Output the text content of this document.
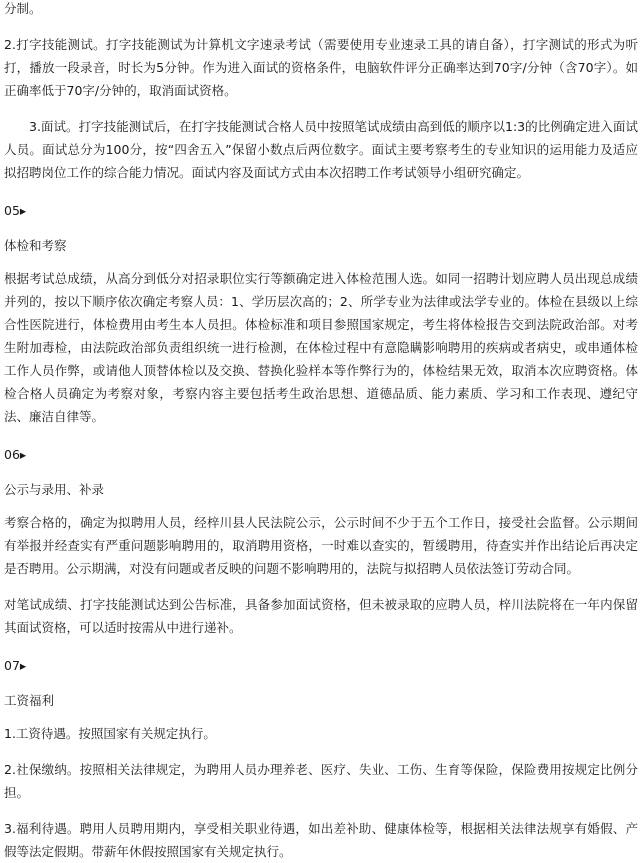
分制。

2.打字技能测试。打字技能测试为计算机文字速录考试（需要使用专业速录工具的请自备），打字测试的形式为听打，播放一段录音，时长为5分钟。作为进入面试的资格条件，电脑软件评分正确率达到70字/分钟（含70字）。如正确率低于70字/分钟的，取消面试资格。

3.面试。打字技能测试后，在打字技能测试合格人员中按照笔试成绩由高到低的顺序以1:3的比例确定进入面试人员。面试总分为100分，按“四舍五入”保留小数点后两位数字。面试主要考察考生的专业知识的运用能力及适应拟招聘岗位工作的综合能力情况。面试内容及面试方式由本次招聘工作考试领导小组研究确定。

05▸

体检和考察

根据考试总成绩，从高分到低分对招录职位实行等额确定进入体检范围人选。如同一招聘计划应聘人员出现总成绩并列的，按以下顺序依次确定考察人员：1、学历层次高的；2、所学专业为法律或法学专业的。体检在县级以上综合性医院进行，体检费用由考生本人员担。体检标准和项目参照国家规定，考生将体检报告交到法院政治部。对考生附加毒检，由法院政治部负责组织统一进行检测，在体检过程中有意隐瞒影响聘用的疾病或者病史，或串通体检工作人员作弊，或请他人顶替体检以及交换、替换化验样本等作弊行为的，体检结果无效，取消本次应聘资格。体检合格人员确定为考察对象，考察内容主要包括考生政治思想、道德品质、能力素质、学习和工作表现、遵纪守法、廉洁自律等。

06▸

公示与录用、补录

考察合格的，确定为拟聘用人员，经梓川县人民法院公示，公示时间不少于五个工作日，接受社会监督。公示期间有举报并经查实有严重问题影响聘用的，取消聘用资格，一时难以查实的，暂缓聘用，待查实并作出结论后再决定是否聘用。公示期满，对没有问题或者反映的问题不影响聘用的，法院与拟招聘人员依法签订劳动合同。

对笔试成绩、打字技能测试达到公告标准，具备参加面试资格，但未被录取的应聘人员，梓川法院将在一年内保留其面试资格，可以适时按需从中进行递补。

07▸

工资福利

1.工资待遇。按照国家有关规定执行。

2.社保缴纳。按照相关法律规定，为聘用人员办理养老、医疗、失业、工伤、生育等保险，保险费用按规定比例分担。

3.福利待遇。聘用人员聘用期内，享受相关职业待遇，如出差补助、健康体检等，根据相关法律法规享有婚假、产假等法定假期。带薪年休假按照国家有关规定执行。
